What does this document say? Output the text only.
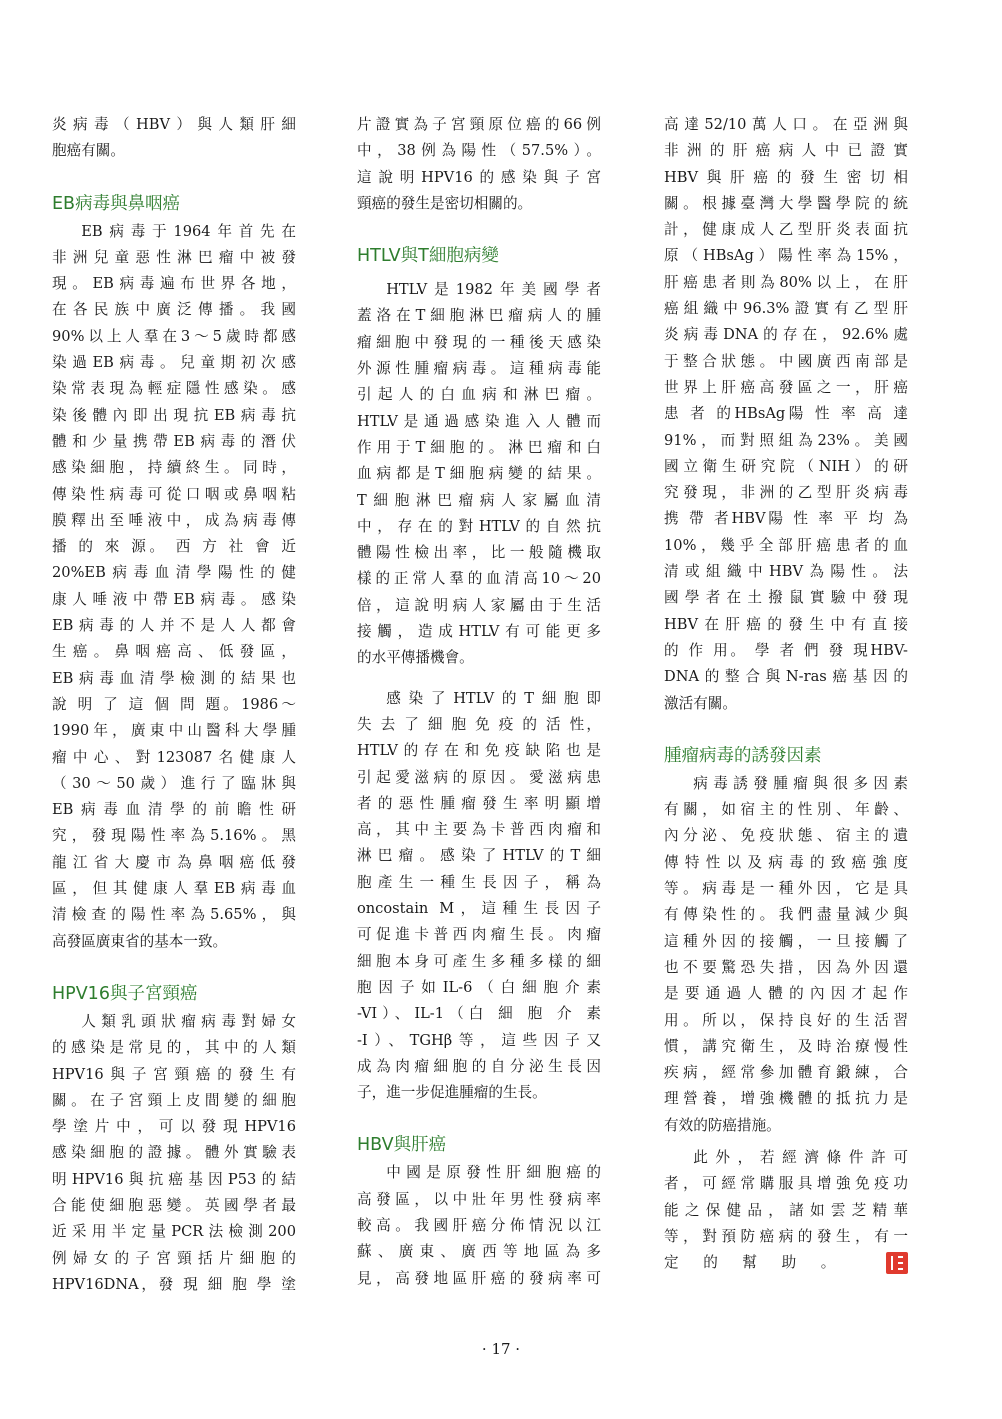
炎病毒（HBV）與人類肝細
胞癌有關。
EB病毒與鼻咽癌
EB病毒于1964年首先在
非洲兒童惡性淋巴瘤中被發
現。EB病毒遍布世界各地，
在各民族中廣泛傳播。我國
90%以上人羣在3～5歲時都感
染過EB病毒。兒童期初次感
染常表現為輕症隱性感染。感
染後體內即出現抗EB病毒抗
體和少量携帶EB病毒的潛伏
感染細胞，持續終生。同時，
傳染性病毒可從口咽或鼻咽粘
膜釋出至唾液中，成為病毒傳
播 的 來 源。 西 方 社 會 近
20%EB病毒血清學陽性的健
康人唾液中帶EB病毒。感染
EB病毒的人并不是人人都會
生癌。鼻咽癌高、低發區，
EB病毒血清學檢測的結果也
說 明 了 這 個 問 題。1986～
1990年，廣東中山醫科大學腫
瘤中心、對123087名健康人
（30～50歲）進行了臨牀與
EB病毒血清學的前瞻性研
究，發現陽性率為5.16%。黑
龍江省大慶市為鼻咽癌低發
區，但其健康人羣EB病毒血
清檢查的陽性率為5.65%，與
高發區廣東省的基本一致。
HPV16與子宮頸癌
人類乳頭狀瘤病毒對婦女
的感染是常見的，其中的人類
HPV16與子宮頸癌的發生有
關。在子宮頸上皮間變的細胞
學塗片中，可以發現HPV16
感染細胞的證據。體外實驗表
明HPV16與抗癌基因P53的結
合能使細胞惡變。英國學者最
近采用半定量PCR法檢測200
例婦女的子宮頸括片細胞的
HPV16DNA，發 現 細 胞 學 塗
片證實為子宮頸原位癌的66例
中，38例為陽性（57.5%）。
這說明HPV16的感染與子宮
頸癌的發生是密切相關的。
HTLV與T細胞病變
HTLV是1982年美國學者
蓋洛在T細胞淋巴瘤病人的腫
瘤細胞中發現的一種後天感染
外源性腫瘤病毒。這種病毒能
引起人的白血病和淋巴瘤。
HTLV是通過感染進入人體而
作用于T細胞的。淋巴瘤和白
血病都是T細胞病變的結果。
T細胞淋巴瘤病人家屬血清
中，存在的對HTLV的自然抗
體陽性檢出率，比一般隨機取
樣的正常人羣的血清高10～20
倍，這說明病人家屬由于生活
接觸，造成HTLV有可能更多
的水平傳播機會。
感染了HTLV的T細胞即
失 去 了 細 胞 免 疫 的 活 性，
HTLV的存在和免疫缺陷也是
引起愛滋病的原因。愛滋病患
者的惡性腫瘤發生率明顯增
高，其中主要為卡普西肉瘤和
淋巴瘤。感染了HTLV的T細
胞產生一種生長因子，稱為
oncostain M，這種生長因子
可促進卡普西肉瘤生長。肉瘤
細胞本身可產生多種多樣的細
胞因子如IL-6（白細胞介素
-VI）、IL-1（白 細 胞 介 素
-I）、TGHβ等，這些因子又
成為肉瘤細胞的自分泌生長因
子，進一步促進腫瘤的生長。
HBV與肝癌
中國是原發性肝細胞癌的
高發區，以中壯年男性發病率
較高。我國肝癌分佈情況以江
蘇、廣東、廣西等地區為多
見，高發地區肝癌的發病率可
高達52/10萬人口。在亞洲與
非洲的肝癌病人中已證實
HBV與肝癌的發生密切相
關。根據臺灣大學醫學院的統
計，健康成人乙型肝炎表面抗
原（HBsAg）陽性率為15%，
肝癌患者則為80%以上，在肝
癌組織中96.3%證實有乙型肝
炎病毒DNA的存在，92.6%處
于整合狀態。中國廣西南部是
世界上肝癌高發區之一，肝癌
患 者 的HBsAg陽 性 率 高 達
91%，而對照組為23%。美國
國立衛生研究院（NIH）的研
究發現，非洲的乙型肝炎病毒
携 帶 者HBV陽 性 率 平 均 為
10%，幾乎全部肝癌患者的血
清或組織中HBV為陽性。法
國學者在土撥鼠實驗中發現
HBV在肝癌的發生中有直接
的 作 用。 學 者 們 發 現HBV-
DNA的整合與N-ras癌基因的
激活有關。
腫瘤病毒的誘發因素
病毒誘發腫瘤與很多因素
有關，如宿主的性別、年齡、
內分泌、免疫狀態、宿主的遺
傳特性以及病毒的致癌強度
等。病毒是一種外因，它是具
有傳染性的。我們盡量減少與
這種外因的接觸，一旦接觸了
也不要驚恐失措，因為外因還
是要通過人體的內因才起作
用。所以，保持良好的生活習
慣，講究衛生，及時治療慢性
疾病，經常參加體育鍛練，合
理營養，增強機體的抵抗力是
有效的防癌措施。
此外，若經濟條件許可
者，可經常購服具增強免疫功
能之保健品，諸如雲芝精華
等，對預防癌病的發生，有一
定的幫助。
· 17 ·
